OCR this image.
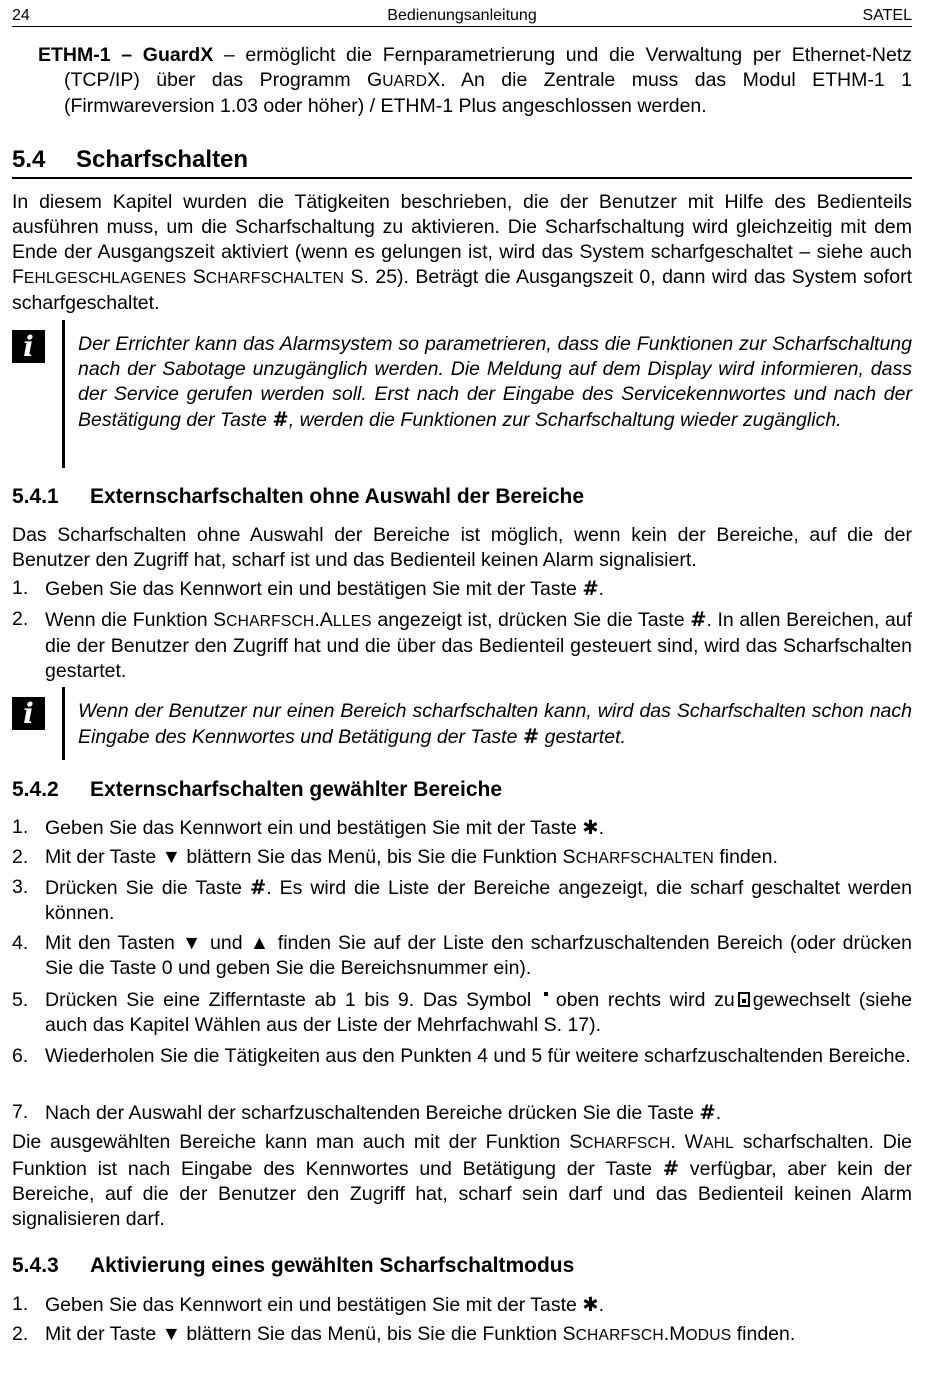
24	Bedienungsanleitung	SATEL
ETHM-1 – GuardX – ermöglicht die Fernparametrierung und die Verwaltung per Ethernet-Netz (TCP/IP) über das Programm GUARDX. An die Zentrale muss das Modul ETHM-1 1 (Firmwareversion 1.03 oder höher) / ETHM-1 Plus angeschlossen werden.
5.4 Scharfschalten
In diesem Kapitel wurden die Tätigkeiten beschrieben, die der Benutzer mit Hilfe des Bedienteils ausführen muss, um die Scharfschaltung zu aktivieren. Die Scharfschaltung wird gleichzeitig mit dem Ende der Ausgangszeit aktiviert (wenn es gelungen ist, wird das System scharfgeschaltet – siehe auch FEHLGESCHLAGENES SCHARFSCHALTEN S. 25). Beträgt die Ausgangszeit 0, dann wird das System sofort scharfgeschaltet.
i	Der Errichter kann das Alarmsystem so parametrieren, dass die Funktionen zur Scharfschaltung nach der Sabotage unzugänglich werden. Die Meldung auf dem Display wird informieren, dass der Service gerufen werden soll. Erst nach der Eingabe des Servicekennwortes und nach der Bestätigung der Taste #, werden die Funktionen zur Scharfschaltung wieder zugänglich.
5.4.1 Externscharfschalten ohne Auswahl der Bereiche
Das Scharfschalten ohne Auswahl der Bereiche ist möglich, wenn kein der Bereiche, auf die der Benutzer den Zugriff hat, scharf ist und das Bedienteil keinen Alarm signalisiert.
1. Geben Sie das Kennwort ein und bestätigen Sie mit der Taste #.
2. Wenn die Funktion SCHARFSCH.ALLES angezeigt ist, drücken Sie die Taste #. In allen Bereichen, auf die der Benutzer den Zugriff hat und die über das Bedienteil gesteuert sind, wird das Scharfschalten gestartet.
i	Wenn der Benutzer nur einen Bereich scharfschalten kann, wird das Scharfschalten schon nach Eingabe des Kennwortes und Betätigung der Taste # gestartet.
5.4.2 Externscharfschalten gewählter Bereiche
1. Geben Sie das Kennwort ein und bestätigen Sie mit der Taste ✱.
2. Mit der Taste ▼ blättern Sie das Menü, bis Sie die Funktion SCHARFSCHALTEN finden.
3. Drücken Sie die Taste #. Es wird die Liste der Bereiche angezeigt, die scharf geschaltet werden können.
4. Mit den Tasten ▼ und ▲ finden Sie auf der Liste den scharfzuschaltenden Bereich (oder drücken Sie die Taste 0 und geben Sie die Bereichsnummer ein).
5. Drücken Sie eine Zifferntaste ab 1 bis 9. Das Symbol oben rechts wird zu gewechselt (siehe auch das Kapitel Wählen aus der Liste der Mehrfachwahl S. 17).
6. Wiederholen Sie die Tätigkeiten aus den Punkten 4 und 5 für weitere scharfzuschaltenden Bereiche.
7. Nach der Auswahl der scharfzuschaltenden Bereiche drücken Sie die Taste #.
Die ausgewählten Bereiche kann man auch mit der Funktion SCHARFSCH. WAHL scharfschalten. Die Funktion ist nach Eingabe des Kennwortes und Betätigung der Taste # verfügbar, aber kein der Bereiche, auf die der Benutzer den Zugriff hat, scharf sein darf und das Bedienteil keinen Alarm signalisieren darf.
5.4.3 Aktivierung eines gewählten Scharfschaltmodus
1. Geben Sie das Kennwort ein und bestätigen Sie mit der Taste ✱.
2. Mit der Taste ▼ blättern Sie das Menü, bis Sie die Funktion SCHARFSCH.MODUS finden.
